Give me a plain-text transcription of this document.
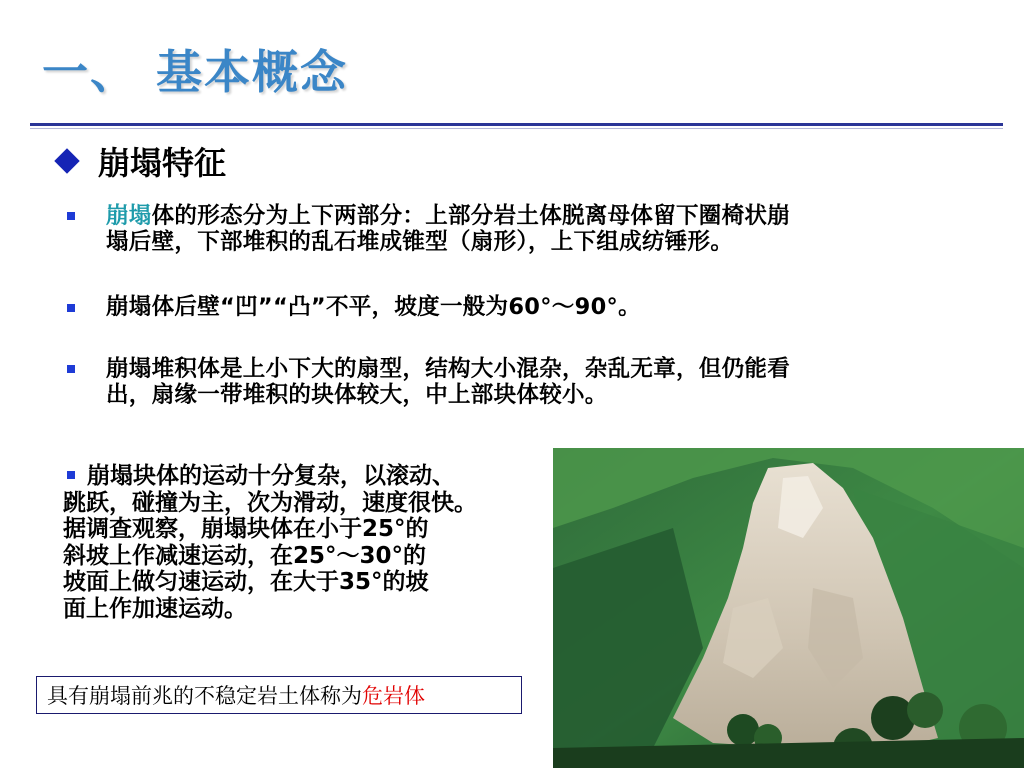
一、 基本概念
崩塌特征
崩塌体的形态分为上下两部分：上部分岩土体脱离母体留下圈椅状崩
塌后壁，下部堆积的乱石堆成锥型（扇形），上下组成纺锤形。
崩塌体后壁“凹”“凸”不平，坡度一般为60°～90°。
崩塌堆积体是上小下大的扇型，结构大小混杂，杂乱无章，但仍能看
出，扇缘一带堆积的块体较大，中上部块体较小。
崩塌块体的运动十分复杂，以滚动、
跳跃，碰撞为主，次为滑动，速度很快。
据调查观察，崩塌块体在小于25°的
斜坡上作减速运动，在25°～30°的
坡面上做匀速运动，在大于35°的坡
面上作加速运动。
具有崩塌前兆的不稳定岩土体称为 危岩体
